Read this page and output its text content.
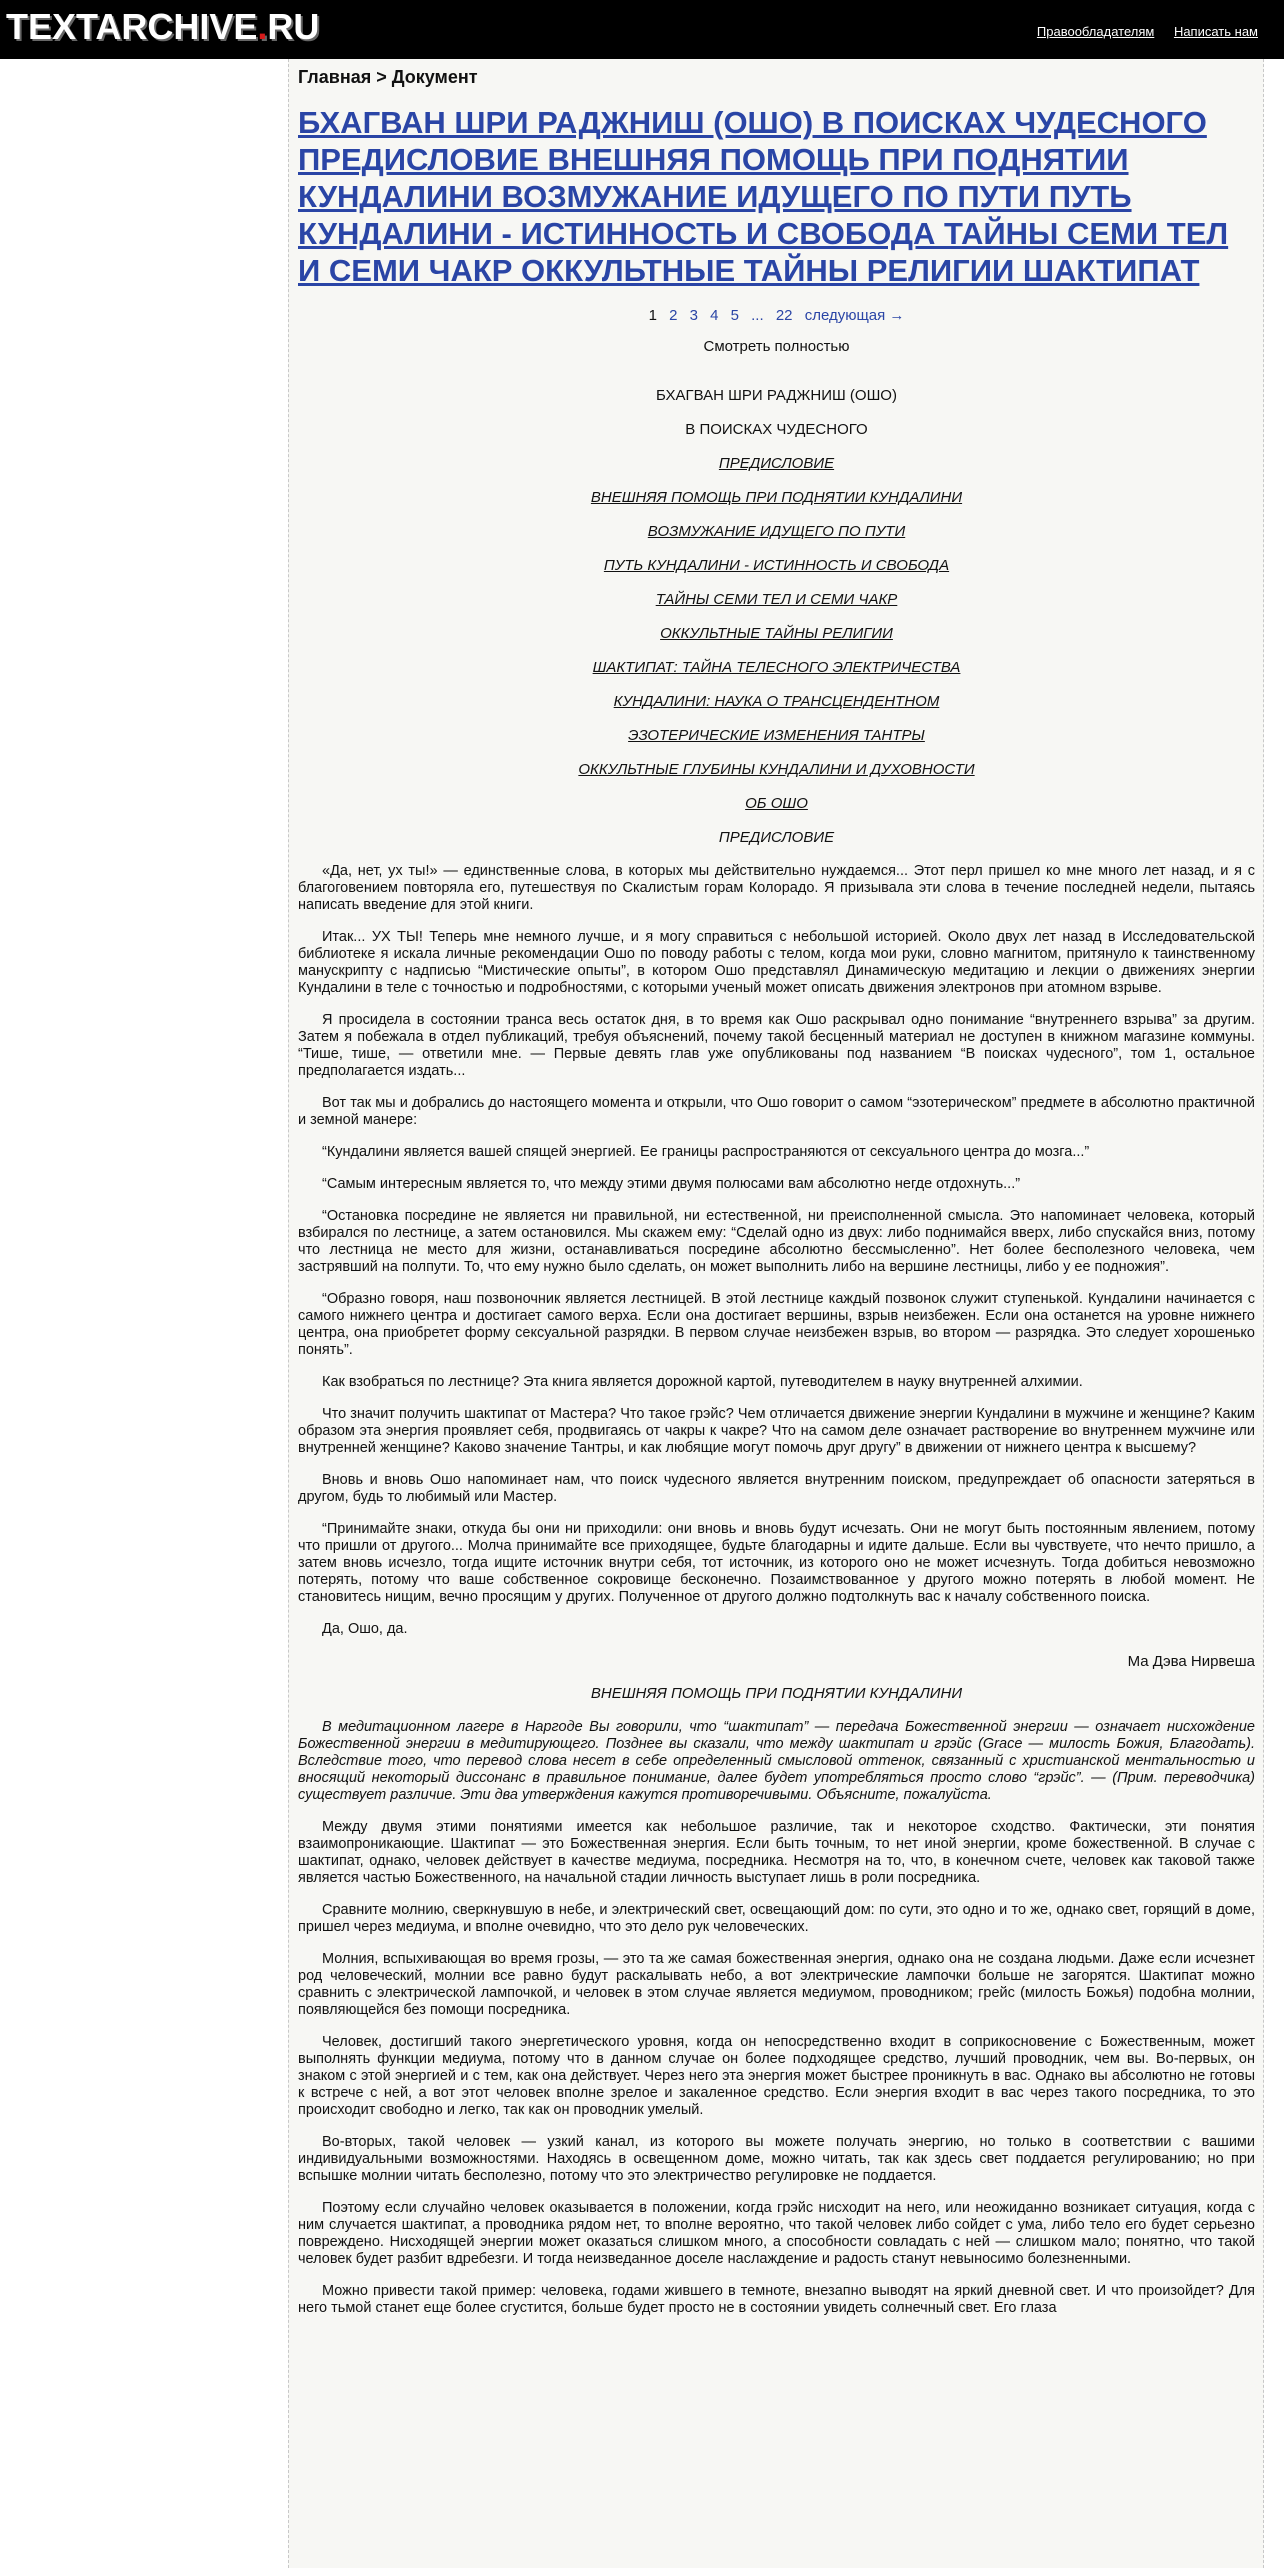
TEXTARCHIVE.RU	Правообладателям Написать нам
Главная > Документ
БХАГВАН ШРИ РАДЖНИШ (ОШО) В ПОИСКАХ ЧУДЕСНОГО ПРЕДИСЛОВИЕ ВНЕШНЯЯ ПОМОЩЬ ПРИ ПОДНЯТИИ КУНДАЛИНИ ВОЗМУЖАНИЕ ИДУЩЕГО ПО ПУТИ ПУТЬ КУНДАЛИНИ - ИСТИННОСТЬ И СВОБОДА ТАЙНЫ СЕМИ ТЕЛ И СЕМИ ЧАКР ОККУЛЬТНЫЕ ТАЙНЫ РЕЛИГИИ ШАКТИПАТ
1 2 3 4 5 ... 22 следующая →
Смотреть полностью
БХАГВАН ШРИ РАДЖНИШ (ОШО)
В ПОИСКАХ ЧУДЕСНОГО
ПРЕДИСЛОВИЕ
ВНЕШНЯЯ ПОМОЩЬ ПРИ ПОДНЯТИИ КУНДАЛИНИ
ВОЗМУЖАНИЕ ИДУЩЕГО ПО ПУТИ
ПУТЬ КУНДАЛИНИ - ИСТИННОСТЬ И СВОБОДА
ТАЙНЫ СЕМИ ТЕЛ И СЕМИ ЧАКР
ОККУЛЬТНЫЕ ТАЙНЫ РЕЛИГИИ
ШАКТИПАТ: ТАЙНА ТЕЛЕСНОГО ЭЛЕКТРИЧЕСТВА
КУНДАЛИНИ: НАУКА О ТРАНСЦЕНДЕНТНОМ
ЭЗОТЕРИЧЕСКИЕ ИЗМЕНЕНИЯ ТАНТРЫ
ОККУЛЬТНЫЕ ГЛУБИНЫ КУНДАЛИНИ И ДУХОВНОСТИ
ОБ ОШО
ПРЕДИСЛОВИЕ

«Да, нет, ух ты!» — единственные слова, в которых мы действительно нуждаемся... Этот перл пришел ко мне много лет назад, и я с благоговением повторяла его, путешествуя по Скалистым горам Колорадо. Я призывала эти слова в течение последней недели, пытаясь написать введение для этой книги.

Итак... УХ ТЫ! Теперь мне немного лучше, и я могу справиться с небольшой историей. Около двух лет назад в Исследовательской библиотеке я искала личные рекомендации Ошо по поводу работы с телом, когда мои руки, словно магнитом, притянуло к таинственному манускрипту с надписью “Мистические опыты”, в котором Ошо представлял Динамическую медитацию и лекции о движениях энергии Кундалини в теле с точностью и подробностями, с которыми ученый может описать движения электронов при атомном взрыве.

Я просидела в состоянии транса весь остаток дня, в то время как Ошо раскрывал одно понимание “внутреннего взрыва” за другим. Затем я побежала в отдел публикаций, требуя объяснений, почему такой бесценный материал не доступен в книжном магазине коммуны. “Тише, тише, — ответили мне. — Первые девять глав уже опубликованы под названием “В поисках чудесного”, том 1, остальное предполагается издать...

Вот так мы и добрались до настоящего момента и открыли, что Ошо говорит о самом “эзотерическом” предмете в абсолютно практичной и земной манере:

“Кундалини является вашей спящей энергией. Ее границы распространяются от сексуального центра до мозга...”

“Самым интересным является то, что между этими двумя полюсами вам абсолютно негде отдохнуть...”

“Остановка посредине не является ни правильной, ни естественной, ни преисполненной смысла. Это напоминает человека, который взбирался по лестнице, а затем остановился. Мы скажем ему: “Сделай одно из двух: либо поднимайся вверх, либо спускайся вниз, потому что лестница не место для жизни, останавливаться посредине абсолютно бессмысленно”. Нет более бесполезного человека, чем застрявший на полпути. То, что ему нужно было сделать, он может выполнить либо на вершине лестницы, либо у ее подножия”.

“Образно говоря, наш позвоночник является лестницей. В этой лестнице каждый позвонок служит ступенькой. Кундалини начинается с самого нижнего центра и достигает самого верха. Если она достигает вершины, взрыв неизбежен. Если она останется на уровне нижнего центра, она приобретет форму сексуальной разрядки. В первом случае неизбежен взрыв, во втором — разрядка. Это следует хорошенько понять”.

Как взобраться по лестнице? Эта книга является дорожной картой, путеводителем в науку внутренней алхимии.

Что значит получить шактипат от Мастера? Что такое грэйс? Чем отличается движение энергии Кундалини в мужчине и женщине? Каким образом эта энергия проявляет себя, продвигаясь от чакры к чакре? Что на самом деле означает растворение во внутреннем мужчине или внутренней женщине? Каково значение Тантры, и как любящие могут помочь друг другу” в движении от нижнего центра к высшему?

Вновь и вновь Ошо напоминает нам, что поиск чудесного является внутренним поиском, предупреждает об опасности затеряться в другом, будь то любимый или Мастер.

“Принимайте знаки, откуда бы они ни приходили: они вновь и вновь будут исчезать. Они не могут быть постоянным явлением, потому что пришли от другого... Молча принимайте все приходящее, будьте благодарны и идите дальше. Если вы чувствуете, что нечто пришло, а затем вновь исчезло, тогда ищите источник внутри себя, тот источник, из которого оно не может исчезнуть. Тогда добиться невозможно потерять, потому что ваше собственное сокровище бесконечно. Позаимствованное у другого можно потерять в любой момент. Не становитесь нищим, вечно просящим у других. Полученное от другого должно подтолкнуть вас к началу собственного поиска.

Да, Ошо, да.

Ма Дэва Нирвеша
ВНЕШНЯЯ ПОМОЩЬ ПРИ ПОДНЯТИИ КУНДАЛИНИ

В медитационном лагере в Наргоде Вы говорили, что “шактипат” — передача Божественной энергии — означает нисхождение Божественной энергии в медитирующего. Позднее вы сказали, что между шактипат и грэйс (Grace — милость Божия, Благодать). Вследствие того, что перевод слова несет в себе определенный смысловой оттенок, связанный с христианской ментальностью и вносящий некоторый диссонанс в правильное понимание, далее будет употребляться просто слово “грэйс”. — (Прим. переводчика) существует различие. Эти два утверждения кажутся противоречивыми. Объясните, пожалуйста.

Между двумя этими понятиями имеется как небольшое различие, так и некоторое сходство. Фактически, эти понятия взаимопроникающие. Шактипат — это Божественная энергия. Если быть точным, то нет иной энергии, кроме божественной. В случае с шактипат, однако, человек действует в качестве медиума, посредника. Несмотря на то, что, в конечном счете, человек как таковой также является частью Божественного, на начальной стадии личность выступает лишь в роли посредника.

Сравните молнию, сверкнувшую в небе, и электрический свет, освещающий дом: по сути, это одно и то же, однако свет, горящий в доме, пришел через медиума, и вполне очевидно, что это дело рук человеческих.

Молния, вспыхивающая во время грозы, — это та же самая божественная энергия, однако она не создана людьми. Даже если исчезнет род человеческий, молнии все равно будут раскалывать небо, а вот электрические лампочки больше не загорятся. Шактипат можно сравнить с электрической лампочкой, и человек в этом случае является медиумом, проводником; грейс (милость Божья) подобна молнии, появляющейся без помощи посредника.

Человек, достигший такого энергетического уровня, когда он непосредственно входит в соприкосновение с Божественным, может выполнять функции медиума, потому что в данном случае он более подходящее средство, лучший проводник, чем вы. Во-первых, он знаком с этой энергией и с тем, как она действует. Через него эта энергия может быстрее проникнуть в вас. Однако вы абсолютно не готовы к встрече с ней, а вот этот человек вполне зрелое и закаленное средство. Если энергия входит в вас через такого посредника, то это происходит свободно и легко, так как он проводник умелый.

Во-вторых, такой человек — узкий канал, из которого вы можете получать энергию, но только в соответствии с вашими индивидуальными возможностями. Находясь в освещенном доме, можно читать, так как здесь свет поддается регулированию; но при вспышке молнии читать бесполезно, потому что это электричество регулировке не поддается.

Поэтому если случайно человек оказывается в положении, когда грэйс нисходит на него, или неожиданно возникает ситуация, когда с ним случается шактипат, а проводника рядом нет, то вполне вероятно, что такой человек либо сойдет с ума, либо тело его будет серьезно повреждено. Нисходящей энергии может оказаться слишком много, а способности совладать с ней — слишком мало; понятно, что такой человек будет разбит вдребезги. И тогда неизведанное доселе наслаждение и радость станут невыносимо болезненными.

Можно привести такой пример: человека, годами жившего в темноте, внезапно выводят на яркий дневной свет. И что произойдет? Для него тьмой станет еще более сгустится, больше будет просто не в состоянии увидеть солнечный свет. Его глаза
